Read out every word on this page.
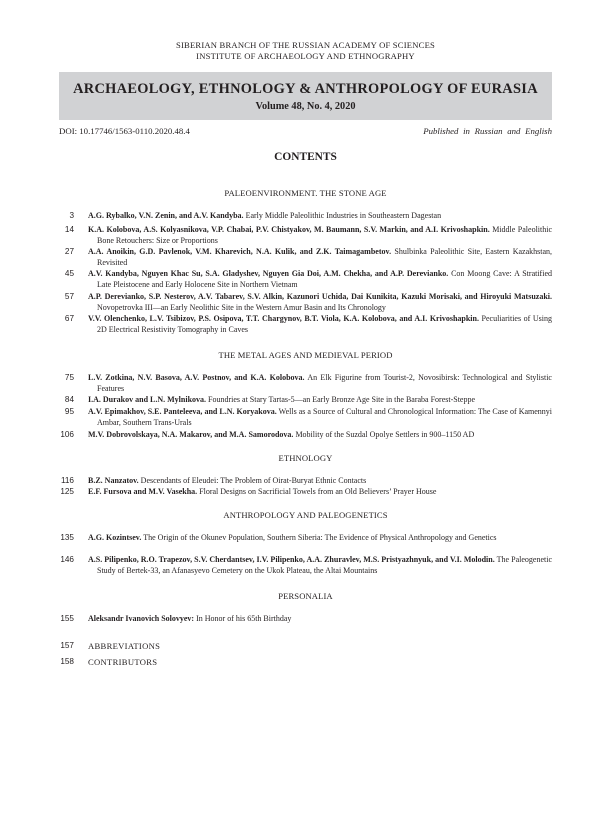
SIBERIAN BRANCH OF THE RUSSIAN ACADEMY OF SCIENCES
INSTITUTE OF ARCHAEOLOGY AND ETHNOGRAPHY
ARCHAEOLOGY, ETHNOLOGY & ANTHROPOLOGY OF EURASIA
Volume 48, No. 4, 2020
DOI: 10.17746/1563-0110.2020.48.4	Published in Russian and English
CONTENTS
PALEOENVIRONMENT. THE STONE AGE
3 A.G. Rybalko, V.N. Zenin, and A.V. Kandyba. Early Middle Paleolithic Industries in Southeastern Dagestan
14 K.A. Kolobova, A.S. Kolyasnikova, V.P. Chabai, P.V. Chistyakov, M. Baumann, S.V. Markin, and A.I. Krivoshapkin. Middle Paleolithic Bone Retouchers: Size or Proportions
27 A.A. Anoikin, G.D. Pavlenok, V.M. Kharevich, N.A. Kulik, and Z.K. Taimagambetov. Shulbinka Paleolithic Site, Eastern Kazakhstan, Revisited
45 A.V. Kandyba, Nguyen Khac Su, S.A. Gladyshev, Nguyen Gia Doi, A.M. Chekha, and A.P. Derevianko. Con Moong Cave: A Stratified Late Pleistocene and Early Holocene Site in Northern Vietnam
57 A.P. Derevianko, S.P. Nesterov, A.V. Tabarev, S.V. Alkin, Kazunori Uchida, Dai Kunikita, Kazuki Morisaki, and Hiroyuki Matsuzaki. Novopetrovka III—an Early Neolithic Site in the Western Amur Basin and Its Chronology
67 V.V. Olenchenko, L.V. Tsibizov, P.S. Osipova, T.T. Chargynov, B.T. Viola, K.A. Kolobova, and A.I. Krivoshapkin. Peculiarities of Using 2D Electrical Resistivity Tomography in Caves
THE METAL AGES AND MEDIEVAL PERIOD
75 L.V. Zotkina, N.V. Basova, A.V. Postnov, and K.A. Kolobova. An Elk Figurine from Tourist-2, Novosibirsk: Technological and Stylistic Features
84 I.A. Durakov and L.N. Mylnikova. Foundries at Stary Tartas-5—an Early Bronze Age Site in the Baraba Forest-Steppe
95 A.V. Epimakhov, S.E. Panteleeva, and L.N. Koryakova. Wells as a Source of Cultural and Chronological Information: The Case of Kamennyi Ambar, Southern Trans-Urals
106 M.V. Dobrovolskaya, N.A. Makarov, and M.A. Samorodova. Mobility of the Suzdal Opolye Settlers in 900–1150 AD
ETHNOLOGY
116 B.Z. Nanzatov. Descendants of Eleudei: The Problem of Oirat-Buryat Ethnic Contacts
125 E.F. Fursova and M.V. Vasekha. Floral Designs on Sacrificial Towels from an Old Believers’ Prayer House
ANTHROPOLOGY AND PALEOGENETICS
135 A.G. Kozintsev. The Origin of the Okunev Population, Southern Siberia: The Evidence of Physical Anthropology and Genetics
146 A.S. Pilipenko, R.O. Trapezov, S.V. Cherdantsev, I.V. Pilipenko, A.A. Zhuravlev, M.S. Pristyazhnyuk, and V.I. Molodin. The Paleogenetic Study of Bertek-33, an Afanasyevo Cemetery on the Ukok Plateau, the Altai Mountains
PERSONALIA
155 Aleksandr Ivanovich Solovyev: In Honor of his 65th Birthday
157 ABBREVIATIONS
158 CONTRIBUTORS
